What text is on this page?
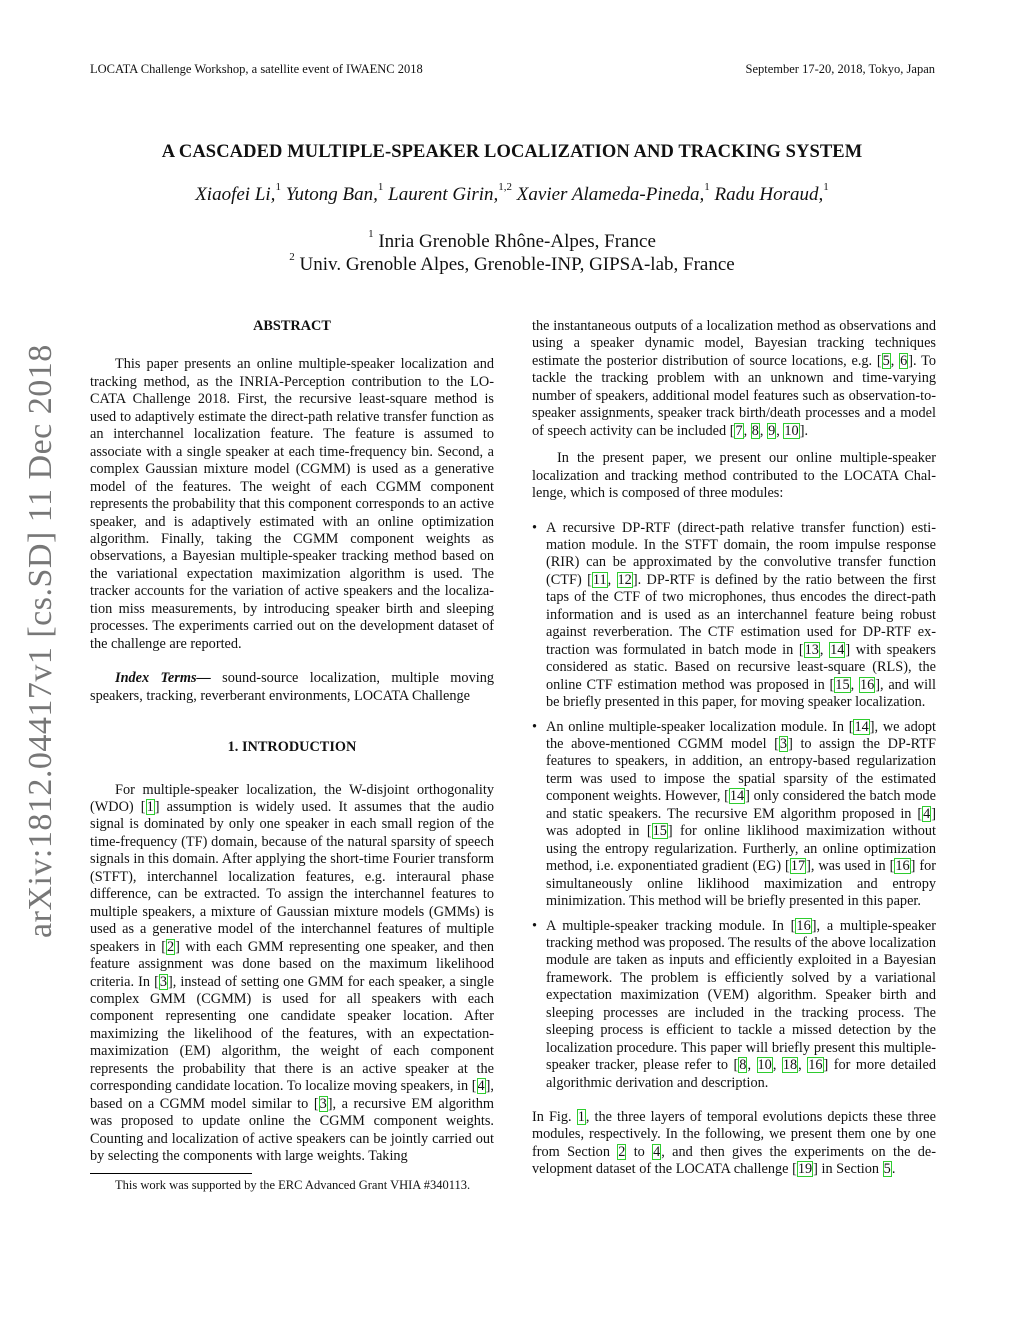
LOCATA Challenge Workshop, a satellite event of IWAENC 2018	September 17-20, 2018, Tokyo, Japan
A CASCADED MULTIPLE-SPEAKER LOCALIZATION AND TRACKING SYSTEM
Xiaofei Li,$^1$ Yutong Ban,$^1$ Laurent Girin,$^{1,2}$ Xavier Alameda-Pineda,$^1$ Radu Horaud,$^1$
$^1$ Inria Grenoble Rhône-Alpes, France
$^2$ Univ. Grenoble Alpes, Grenoble-INP, GIPSA-lab, France
arXiv:1812.04417v1 [cs.SD] 11 Dec 2018
ABSTRACT

This paper presents an online multiple-speaker localization and tracking method, as the INRIA-Perception contribution to the LOCATA Challenge 2018. First, the recursive least-square method is used to adaptively estimate the direct-path relative transfer function as an interchannel localization feature. The feature is assumed to associate with a single speaker at each time-frequency bin. Second, a complex Gaussian mixture model (CGMM) is used as a generative model of the features. The weight of each CGMM component represents the probability that this component corresponds to an active speaker, and is adaptively estimated with an online optimization algorithm. Finally, taking the CGMM component weights as observations, a Bayesian multiple-speaker tracking method based on the variational expectation maximization algorithm is used. The tracker accounts for the variation of active speakers and the localization miss measurements, by introducing speaker birth and sleeping processes. The experiments carried out on the development dataset of the challenge are reported.

Index Terms— sound-source localization, multiple moving speakers, tracking, reverberant environments, LOCATA Challenge

1. INTRODUCTION

For multiple-speaker localization, the W-disjoint orthogonality (WDO) [1] assumption is widely used. It assumes that the audio signal is dominated by only one speaker in each small region of the time-frequency (TF) domain, because of the natural sparsity of speech signals in this domain. After applying the short-time Fourier transform (STFT), interchannel localization features, e.g. interaural phase difference, can be extracted. To assign the interchannel features to multiple speakers, a mixture of Gaussian mixture models (GMMs) is used as a generative model of the interchannel features of multiple speakers in [2] with each GMM representing one speaker, and then feature assignment was done based on the maximum likelihood criteria. In [3], instead of setting one GMM for each speaker, a single complex GMM (CGMM) is used for all speakers with each component representing one candidate speaker location. After maximizing the likelihood of the features, with an expectation-maximization (EM) algorithm, the weight of each component represents the probability that there is an active speaker at the corresponding candidate location. To localize moving speakers, in [4], based on a CGMM model similar to [3], a recursive EM algorithm was proposed to update online the CGMM component weights. Counting and localization of active speakers can be jointly carried out by selecting the components with large weights. Taking

This work was supported by the ERC Advanced Grant VHIA #340113.

the instantaneous outputs of a localization method as observations and using a speaker dynamic model, Bayesian tracking techniques estimate the posterior distribution of source locations, e.g. [5, 6]. To tackle the tracking problem with an unknown and time-varying number of speakers, additional model features such as observation-to-speaker assignments, speaker track birth/death processes and a model of speech activity can be included [7, 8, 9, 10].

In the present paper, we present our online multiple-speaker localization and tracking method contributed to the LOCATA Challenge, which is composed of three modules:

• A recursive DP-RTF (direct-path relative transfer function) estimation module. In the STFT domain, the room impulse response (RIR) can be approximated by the convolutive transfer function (CTF) [11, 12]. DP-RTF is defined by the ratio between the first taps of the CTF of two microphones, thus encodes the direct-path information and is used as an interchannel feature being robust against reverberation. The CTF estimation used for DP-RTF extraction was formulated in batch mode in [13, 14] with speakers considered as static. Based on recursive least-square (RLS), the online CTF estimation method was proposed in [15, 16], and will be briefly presented in this paper, for moving speaker localization.
• An online multiple-speaker localization module. In [14], we adopt the above-mentioned CGMM model [3] to assign the DP-RTF features to speakers, in addition, an entropy-based regularization term was used to impose the spatial sparsity of the estimated component weights. However, [14] only considered the batch mode and static speakers. The recursive EM algorithm proposed in [4] was adopted in [15] for online liklihood maximization without using the entropy regularization. Furtherly, an online optimization method, i.e. exponentiated gradient (EG) [17], was used in [16] for simultaneously online liklihood maximization and entropy minimization. This method will be briefly presented in this paper.
• A multiple-speaker tracking module. In [16], a multiple-speaker tracking method was proposed. The results of the above localization module are taken as inputs and efficiently exploited in a Bayesian framework. The problem is efficiently solved by a variational expectation maximization (VEM) algorithm. Speaker birth and sleeping processes are included in the tracking process. The sleeping process is efficient to tackle a missed detection by the localization procedure. This paper will briefly present this multiple-speaker tracker, please refer to [8, 10, 18, 16] for more detailed algorithmic derivation and description.

In Fig. 1, the three layers of temporal evolutions depicts these three modules, respectively. In the following, we present them one by one from Section 2 to 4, and then gives the experiments on the development dataset of the LOCATA challenge [19] in Section 5.
